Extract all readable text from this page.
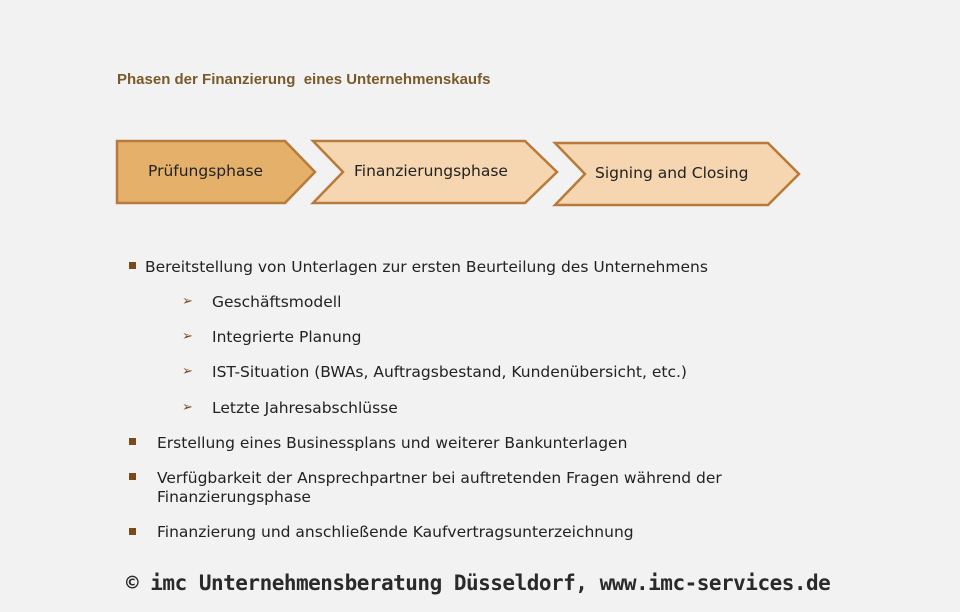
Phasen der Finanzierung  eines Unternehmenskaufs
Prüfungsphase	Finanzierungsphase	Signing and Closing
Bereitstellung von Unterlagen zur ersten Beurteilung des Unternehmens
➢ Geschäftsmodell
➢ Integrierte Planung
➢ IST-Situation (BWAs, Auftragsbestand, Kundenübersicht, etc.)
➢ Letzte Jahresabschlüsse
Erstellung eines Businessplans und weiterer Bankunterlagen
Verfügbarkeit der Ansprechpartner bei auftretenden Fragen während der
Finanzierungsphase
Finanzierung und anschließende Kaufvertragsunterzeichnung
© imc Unternehmensberatung Düsseldorf, www.imc-services.de
